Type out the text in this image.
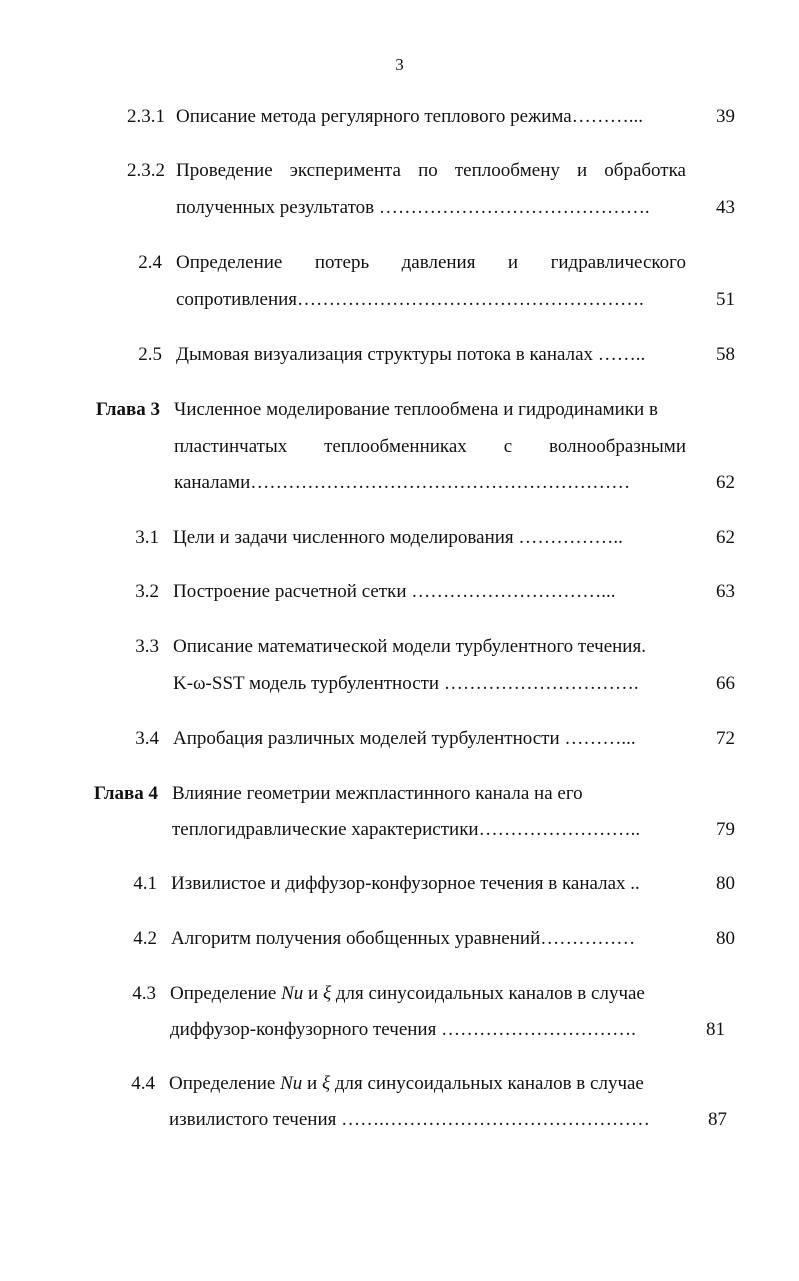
3
2.3.1 Описание метода регулярного теплового режима………...	39
2.3.2 Проведение эксперимента по теплообмену и обработка
полученных результатов …………………………………….	43
2.4 Определение потерь давления и гидравлического
сопротивления……………………………………………….	51
2.5 Дымовая визуализация структуры потока в каналах ……..	58
Глава 3 Численное моделирование теплообмена и гидродинамики в
пластинчатых теплообменниках с волнообразными
каналами……………………………………………………	62
3.1 Цели и задачи численного моделирования ……………..	62
3.2 Построение расчетной сетки …………………………...	63
3.3 Описание математической модели турбулентного течения.
K-ω-SST модель турбулентности ………………………….	66
3.4 Апробация различных моделей турбулентности ………...	72
Глава 4 Влияние геометрии межпластинного канала на его
теплогидравлические характеристики……………………..	79
4.1 Извилистое и диффузор-конфузорное течения в каналах ..	80
4.2 Алгоритм получения обобщенных уравнений……………	80
4.3 Определение Nu и ξ для синусоидальных каналов в случае
диффузор-конфузорного течения ………………………….	81
4.4 Определение Nu и ξ для синусоидальных каналов в случае
извилистого течения …….……………………………………	87
